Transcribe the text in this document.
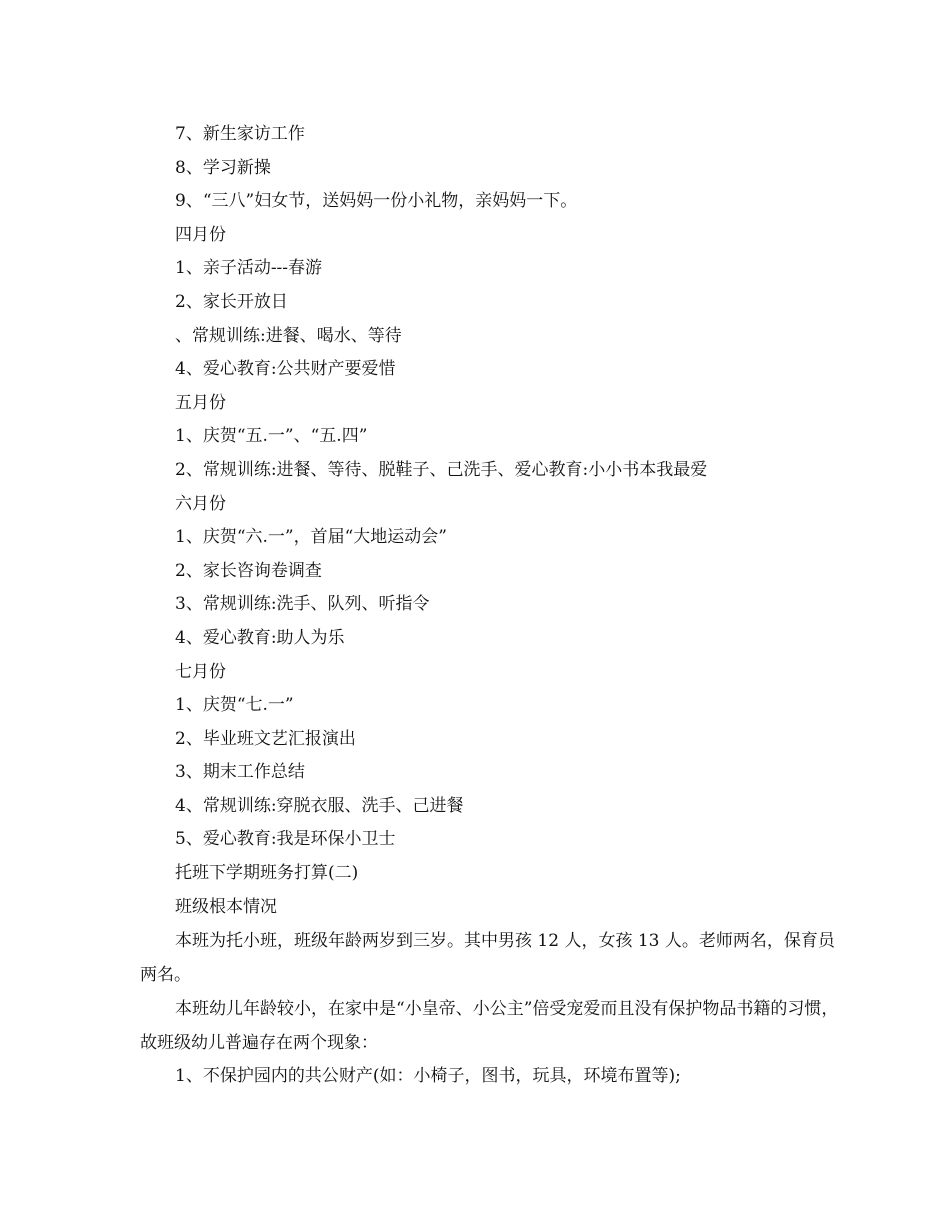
7、新生家访工作
8、学习新操
9、“三八”妇女节，送妈妈一份小礼物，亲妈妈一下。
四月份
1、亲子活动---春游
2、家长开放日
、常规训练:进餐、喝水、等待
4、爱心教育:公共财产要爱惜
五月份
1、庆贺“五.一”、“五.四”
2、常规训练:进餐、等待、脱鞋子、己洗手、爱心教育:小小书本我最爱
六月份
1、庆贺“六.一”，首届“大地运动会”
2、家长咨询卷调查
3、常规训练:洗手、队列、听指令
4、爱心教育:助人为乐
七月份
1、庆贺“七.一”
2、毕业班文艺汇报演出
3、期末工作总结
4、常规训练:穿脱衣服、洗手、己进餐
5、爱心教育:我是环保小卫士
托班下学期班务打算(二)
班级根本情况

本班为托小班，班级年龄两岁到三岁。其中男孩 12 人，女孩 13 人。老师两名，保育员两名。

本班幼儿年龄较小，在家中是“小皇帝、小公主”倍受宠爱而且没有保护物品书籍的习惯，故班级幼儿普遍存在两个现象：

1、不保护园内的共公财产(如：小椅子，图书，玩具，环境布置等);
